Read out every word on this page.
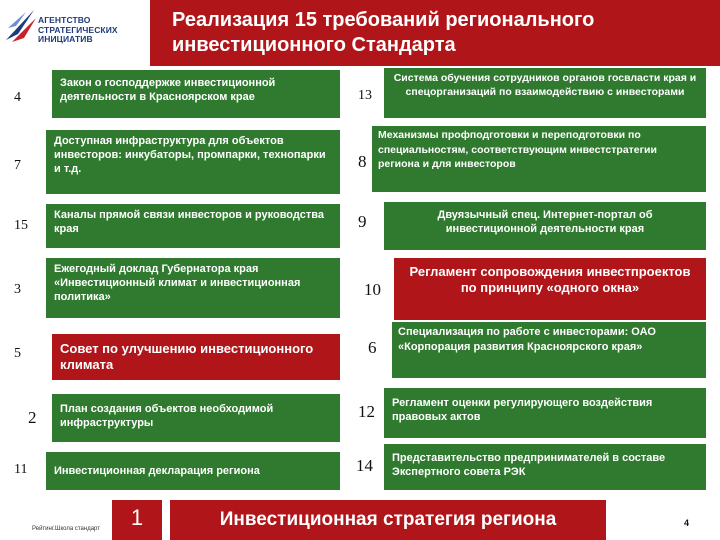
АГЕНТСТВО
СТРАТЕГИЧЕСКИХ
ИНИЦИАТИВ
Реализация 15 требований регионального
инвестиционного Стандарта
4
Закон о господдержке инвестиционной деятельности в Красноярском крае
7
Доступная инфраструктура для объектов инвесторов: инкубаторы, промпарки, технопарки и т.д.
15
Каналы прямой связи инвесторов и руководства края
3
Ежегодный доклад Губернатора края «Инвестиционный климат и инвестиционная политика»
5	Совет по улучшению инвестиционного климата
2	План создания объектов необходимой инфраструктуры
11	Инвестиционная декларация региона
13
Система обучения сотрудников органов госвласти края и спецорганизаций по взаимодействию с инвесторами
8
Механизмы профподготовки и переподготовки по специальностям, соответствующим инвестстратегии региона и для инвесторов
9	Двуязычный спец. Интернет-портал об инвестиционной деятельности края
10
Регламент сопровождения инвестпроектов по принципу «одного окна»
6
Специализация по работе с инвесторами: ОАО «Корпорация развития Красноярского края»
12	Регламент оценки регулирующего воздействия правовых актов
14	Представительство предпринимателей в составе Экспертного совета РЭК
Рейтинг.Школа стандарт	1	Инвестиционная стратегия региона	4
